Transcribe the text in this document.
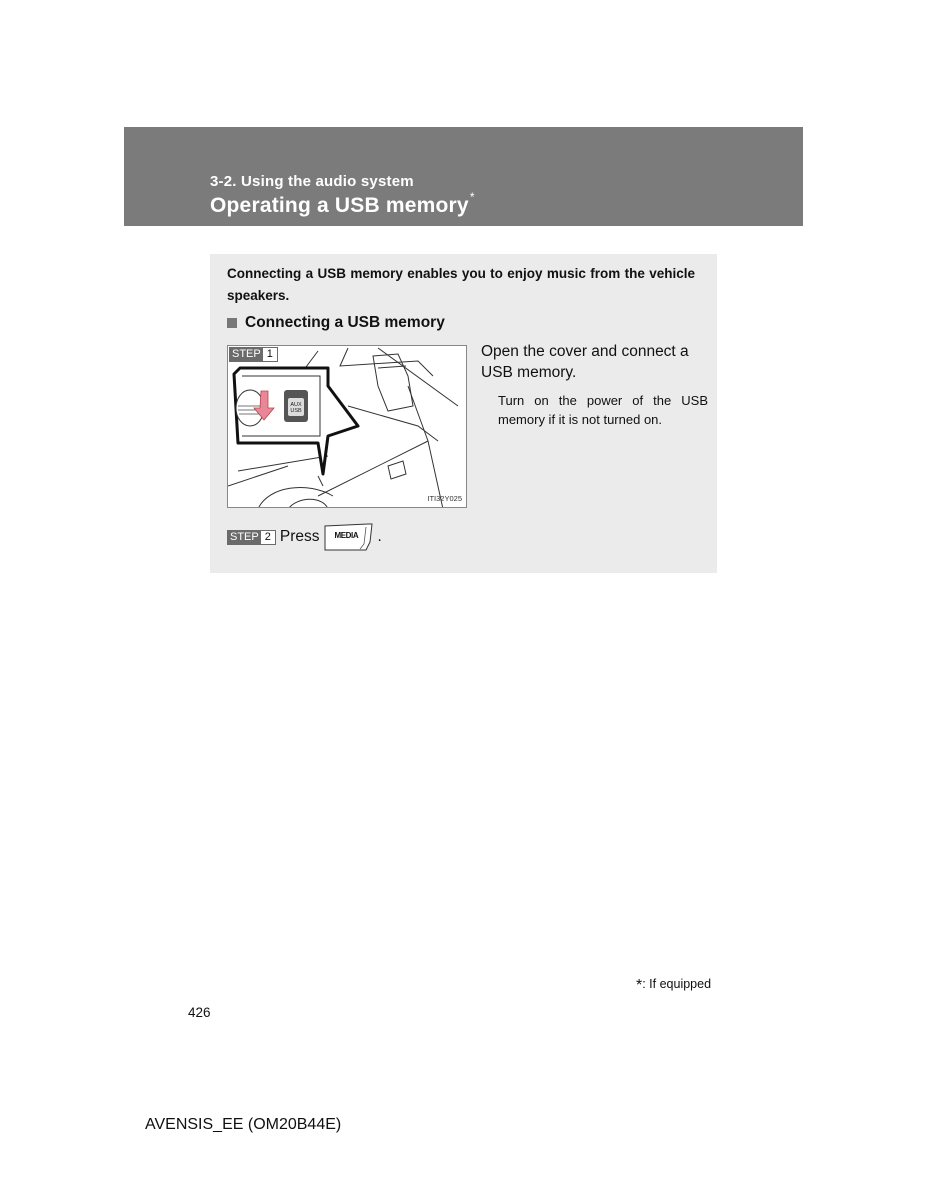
3-2. Using the audio system
Operating a USB memory*
Connecting a USB memory enables you to enjoy music from the vehicle speakers.
Connecting a USB memory
AUX
USB
STEP 1
ITI32Y025
Open the cover and connect a USB memory.
Turn on the power of the USB memory if it is not turned on.
STEP 2 Press MEDIA .
*: If equipped
426
AVENSIS_EE (OM20B44E)
